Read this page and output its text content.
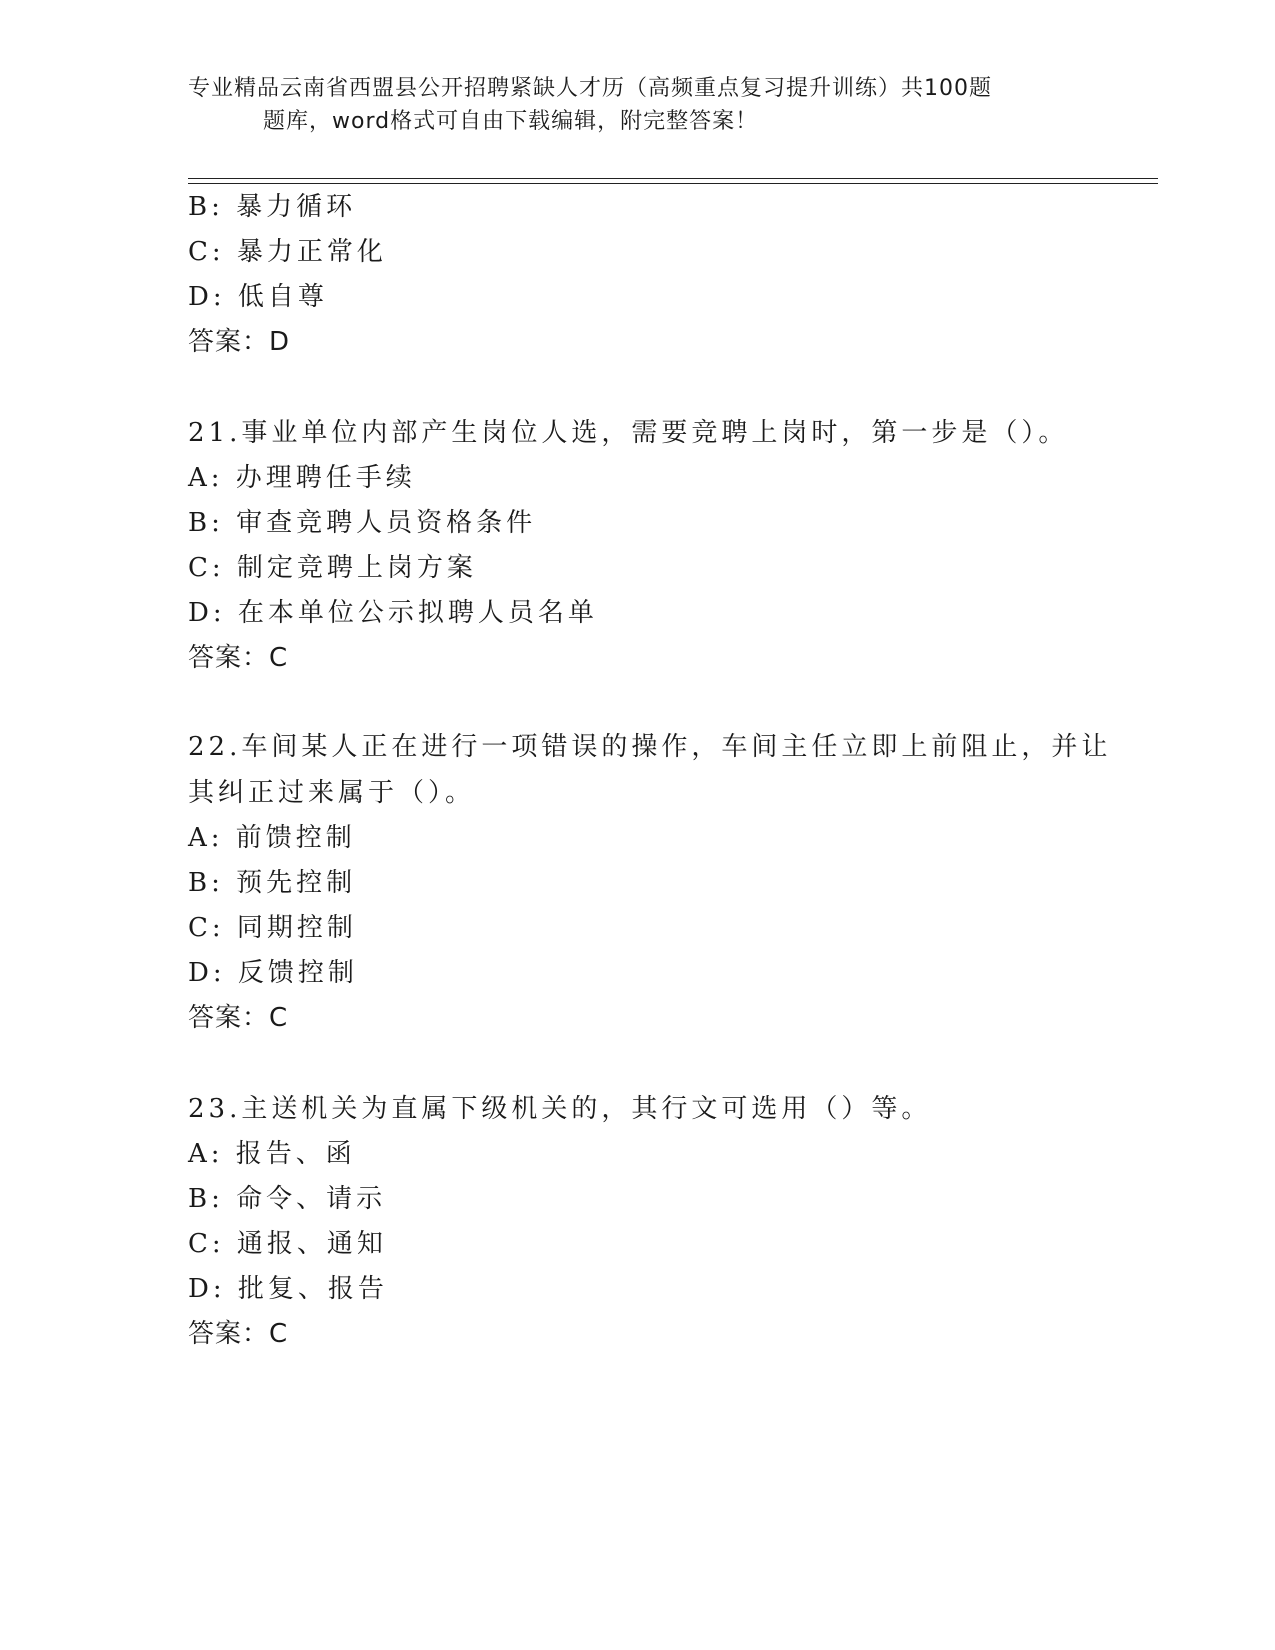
专业精品云南省西盟县公开招聘紧缺人才历（高频重点复习提升训练）共100题
题库，word格式可自由下载编辑，附完整答案！
B: 暴力循环
C: 暴力正常化
D: 低自尊
答案：D
21.事业单位内部产生岗位人选，需要竞聘上岗时，第一步是（）。
A: 办理聘任手续
B: 审查竞聘人员资格条件
C: 制定竞聘上岗方案
D: 在本单位公示拟聘人员名单
答案：C
22.车间某人正在进行一项错误的操作，车间主任立即上前阻止，并让
其纠正过来属于（）。
A: 前馈控制
B: 预先控制
C: 同期控制
D: 反馈控制
答案：C
23.主送机关为直属下级机关的，其行文可选用（）等。
A: 报告、函
B: 命令、请示
C: 通报、通知
D: 批复、报告
答案：C
